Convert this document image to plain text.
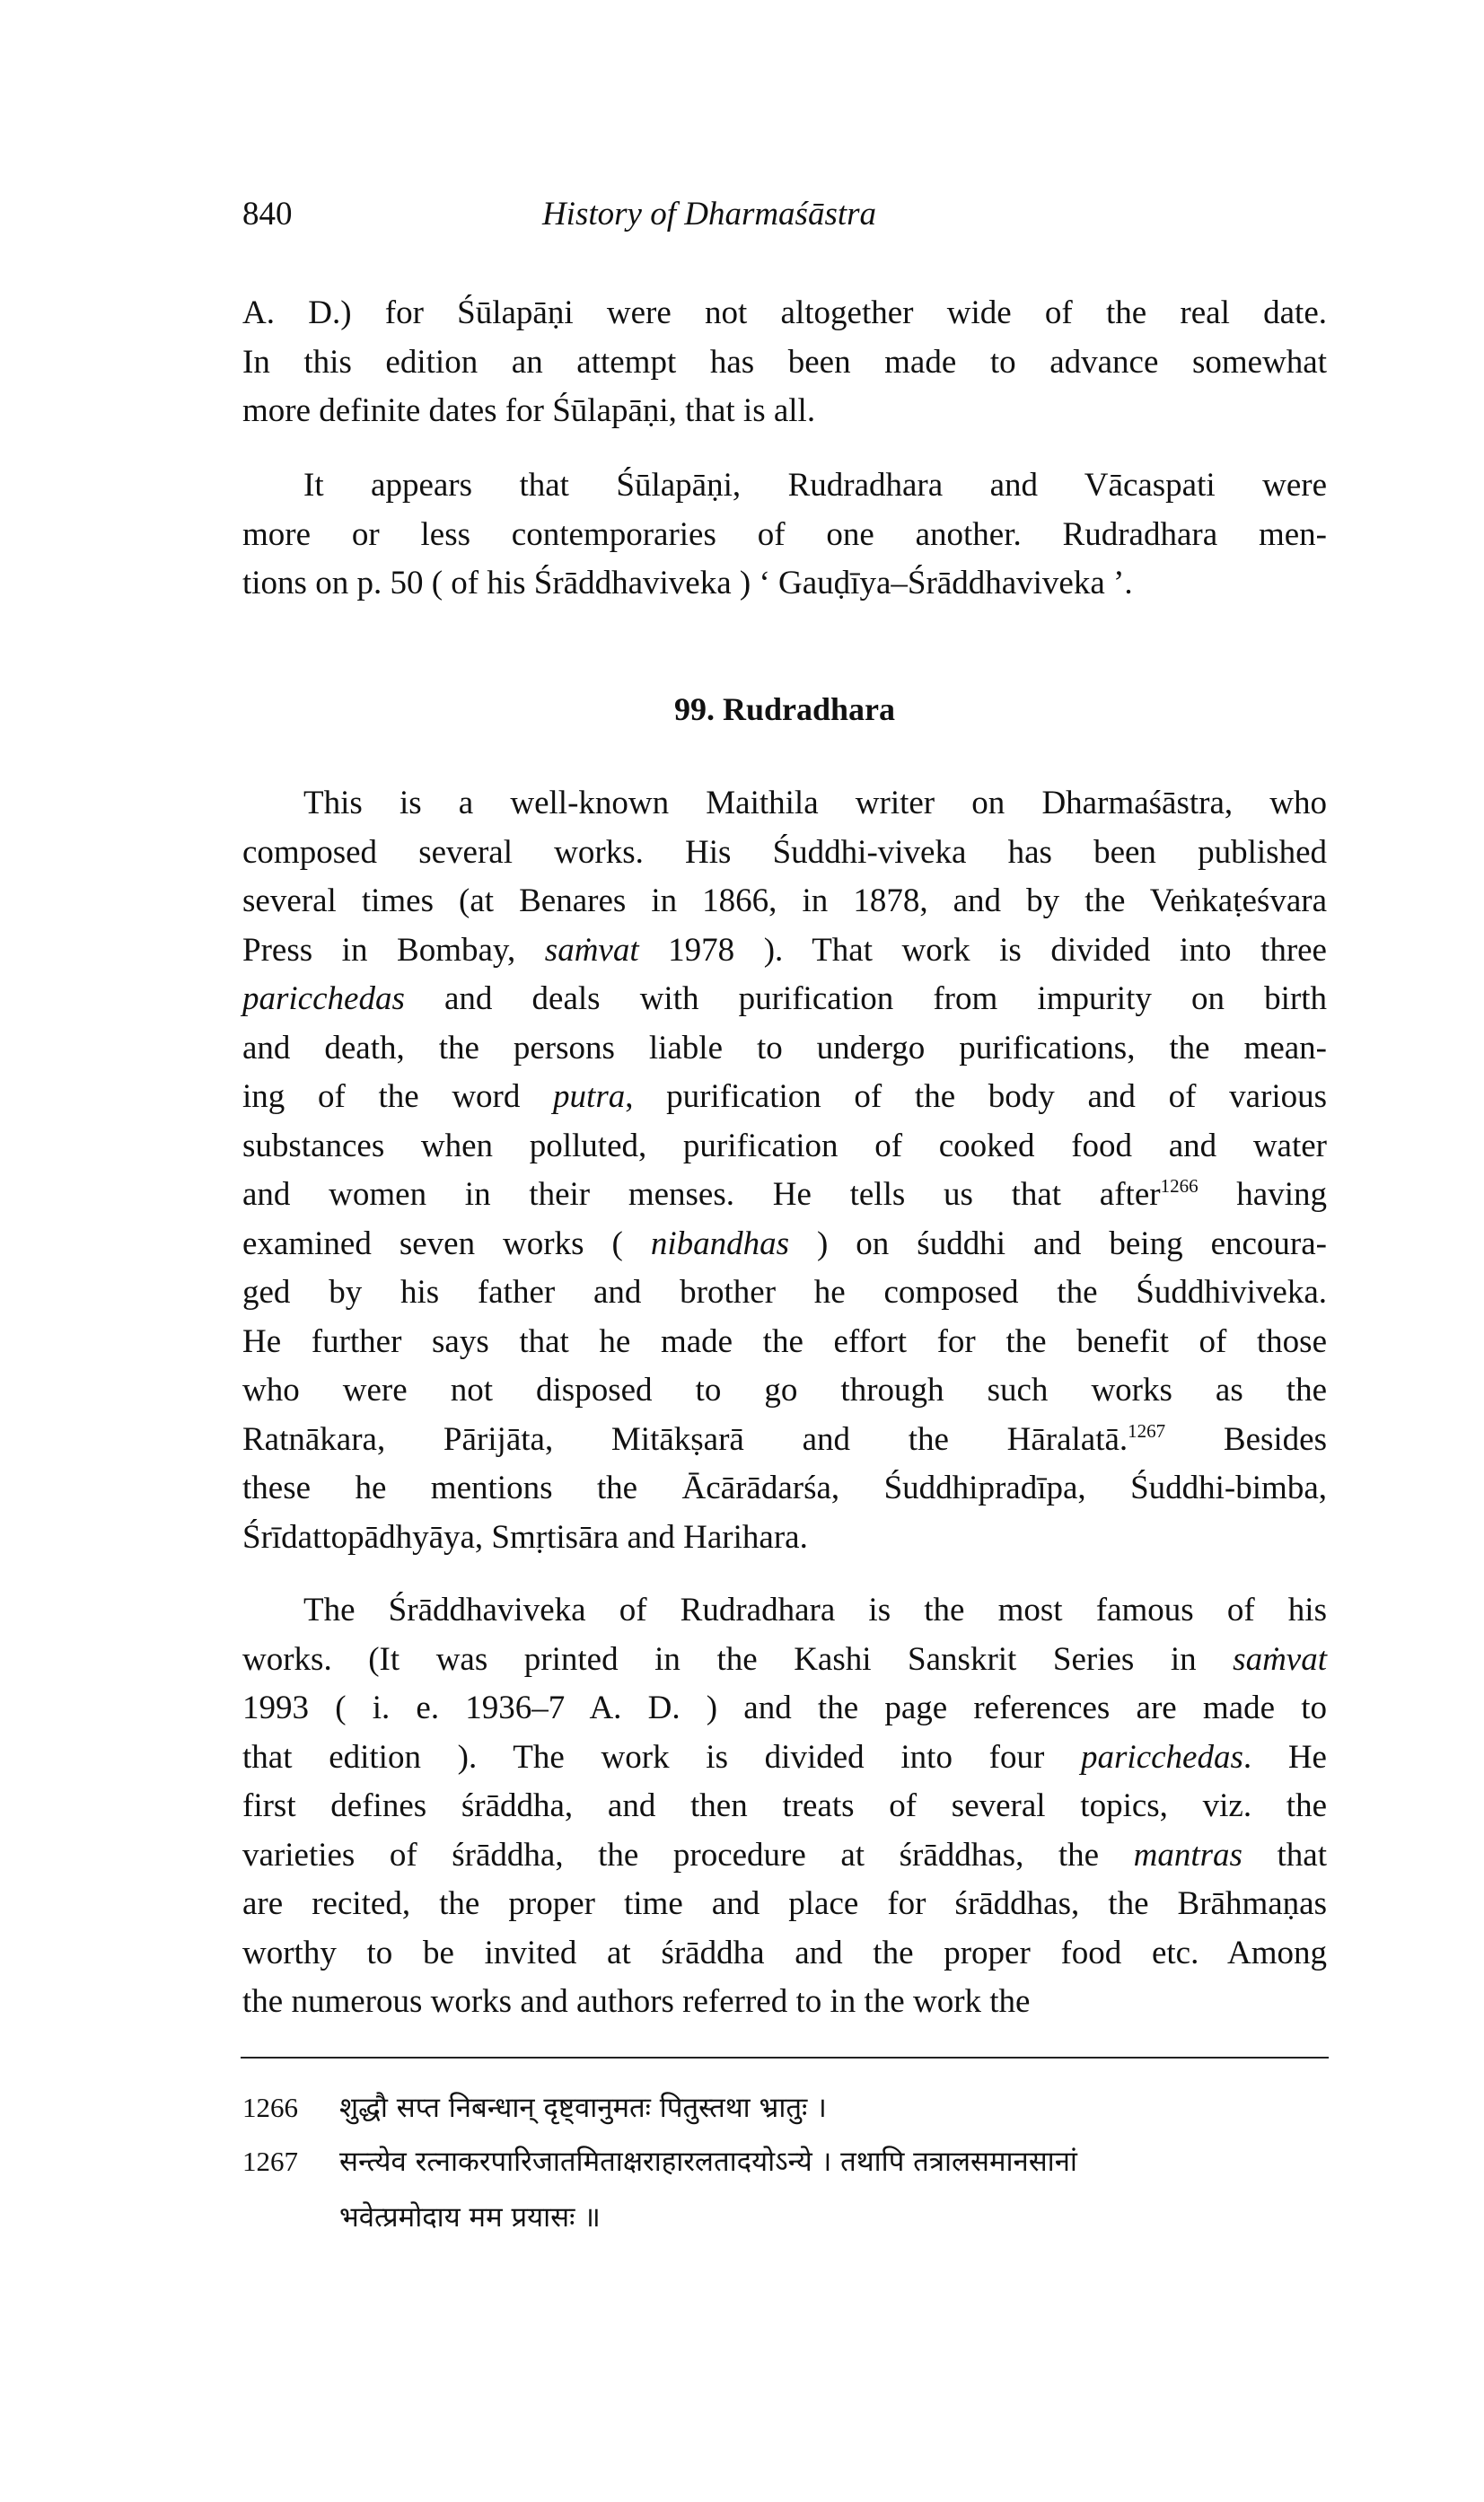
840	History of Dharmaśāstra
A. D.) for Śūlapāṇi were not altogether wide of the real date.
In this edition an attempt has been made to advance somewhat
more definite dates for Śūlapāṇi, that is all.
It appears that Śūlapāṇi, Rudradhara and Vācaspati were
more or less contemporaries of one another. Rudradhara men-
tions on p. 50 ( of his Śrāddhaviveka ) ‘ Gauḍīya–Śrāddhaviveka ’.
This is a well-known Maithila writer on Dharmaśāstra, who
composed several works. His Śuddhi-viveka has been published
several times (at Benares in 1866, in 1878, and by the Veṅkaṭeśvara
Press in Bombay, saṁvat 1978 ). That work is divided into three
paricchedas and deals with purification from impurity on birth
and death, the persons liable to undergo purifications, the mean-
ing of the word putra, purification of the body and of various
substances when polluted, purification of cooked food and water
and women in their menses. He tells us that after$^{1266}$ having
examined seven works ( nibandhas ) on śuddhi and being encoura-
ged by his father and brother he composed the Śuddhiviveka.
He further says that he made the effort for the benefit of those
who were not disposed to go through such works as the
Ratnākara, Pārijāta, Mitākṣarā and the Hāralatā.$^{1267}$ Besides
these he mentions the Ācārādarśa, Śuddhipradīpa, Śuddhi-bimba,
Śrīdattopādhyāya, Smṛtisāra and Harihara.
The Śrāddhaviveka of Rudradhara is the most famous of his
works. (It was printed in the Kashi Sanskrit Series in saṁvat
1993 ( i. e. 1936–7 A. D. ) and the page references are made to
that edition ). The work is divided into four paricchedas. He
first defines śrāddha, and then treats of several topics, viz. the
varieties of śrāddha, the procedure at śrāddhas, the mantras that
are recited, the proper time and place for śrāddhas, the Brāhmaṇas
worthy to be invited at śrāddha and the proper food etc. Among
the numerous works and authors referred to in the work the
99. Rudradhara
1266 शुद्धौ सप्त निबन्धान् दृष्ट्वानुमतः पितुस्तथा भ्रातुः ।
1267 सन्त्येव रत्नाकरपारिजातमिताक्षराहारलतादयोऽन्ये । तथापि तत्रालसमानसानां
भवेत्प्रमोदाय मम प्रयासः ॥
